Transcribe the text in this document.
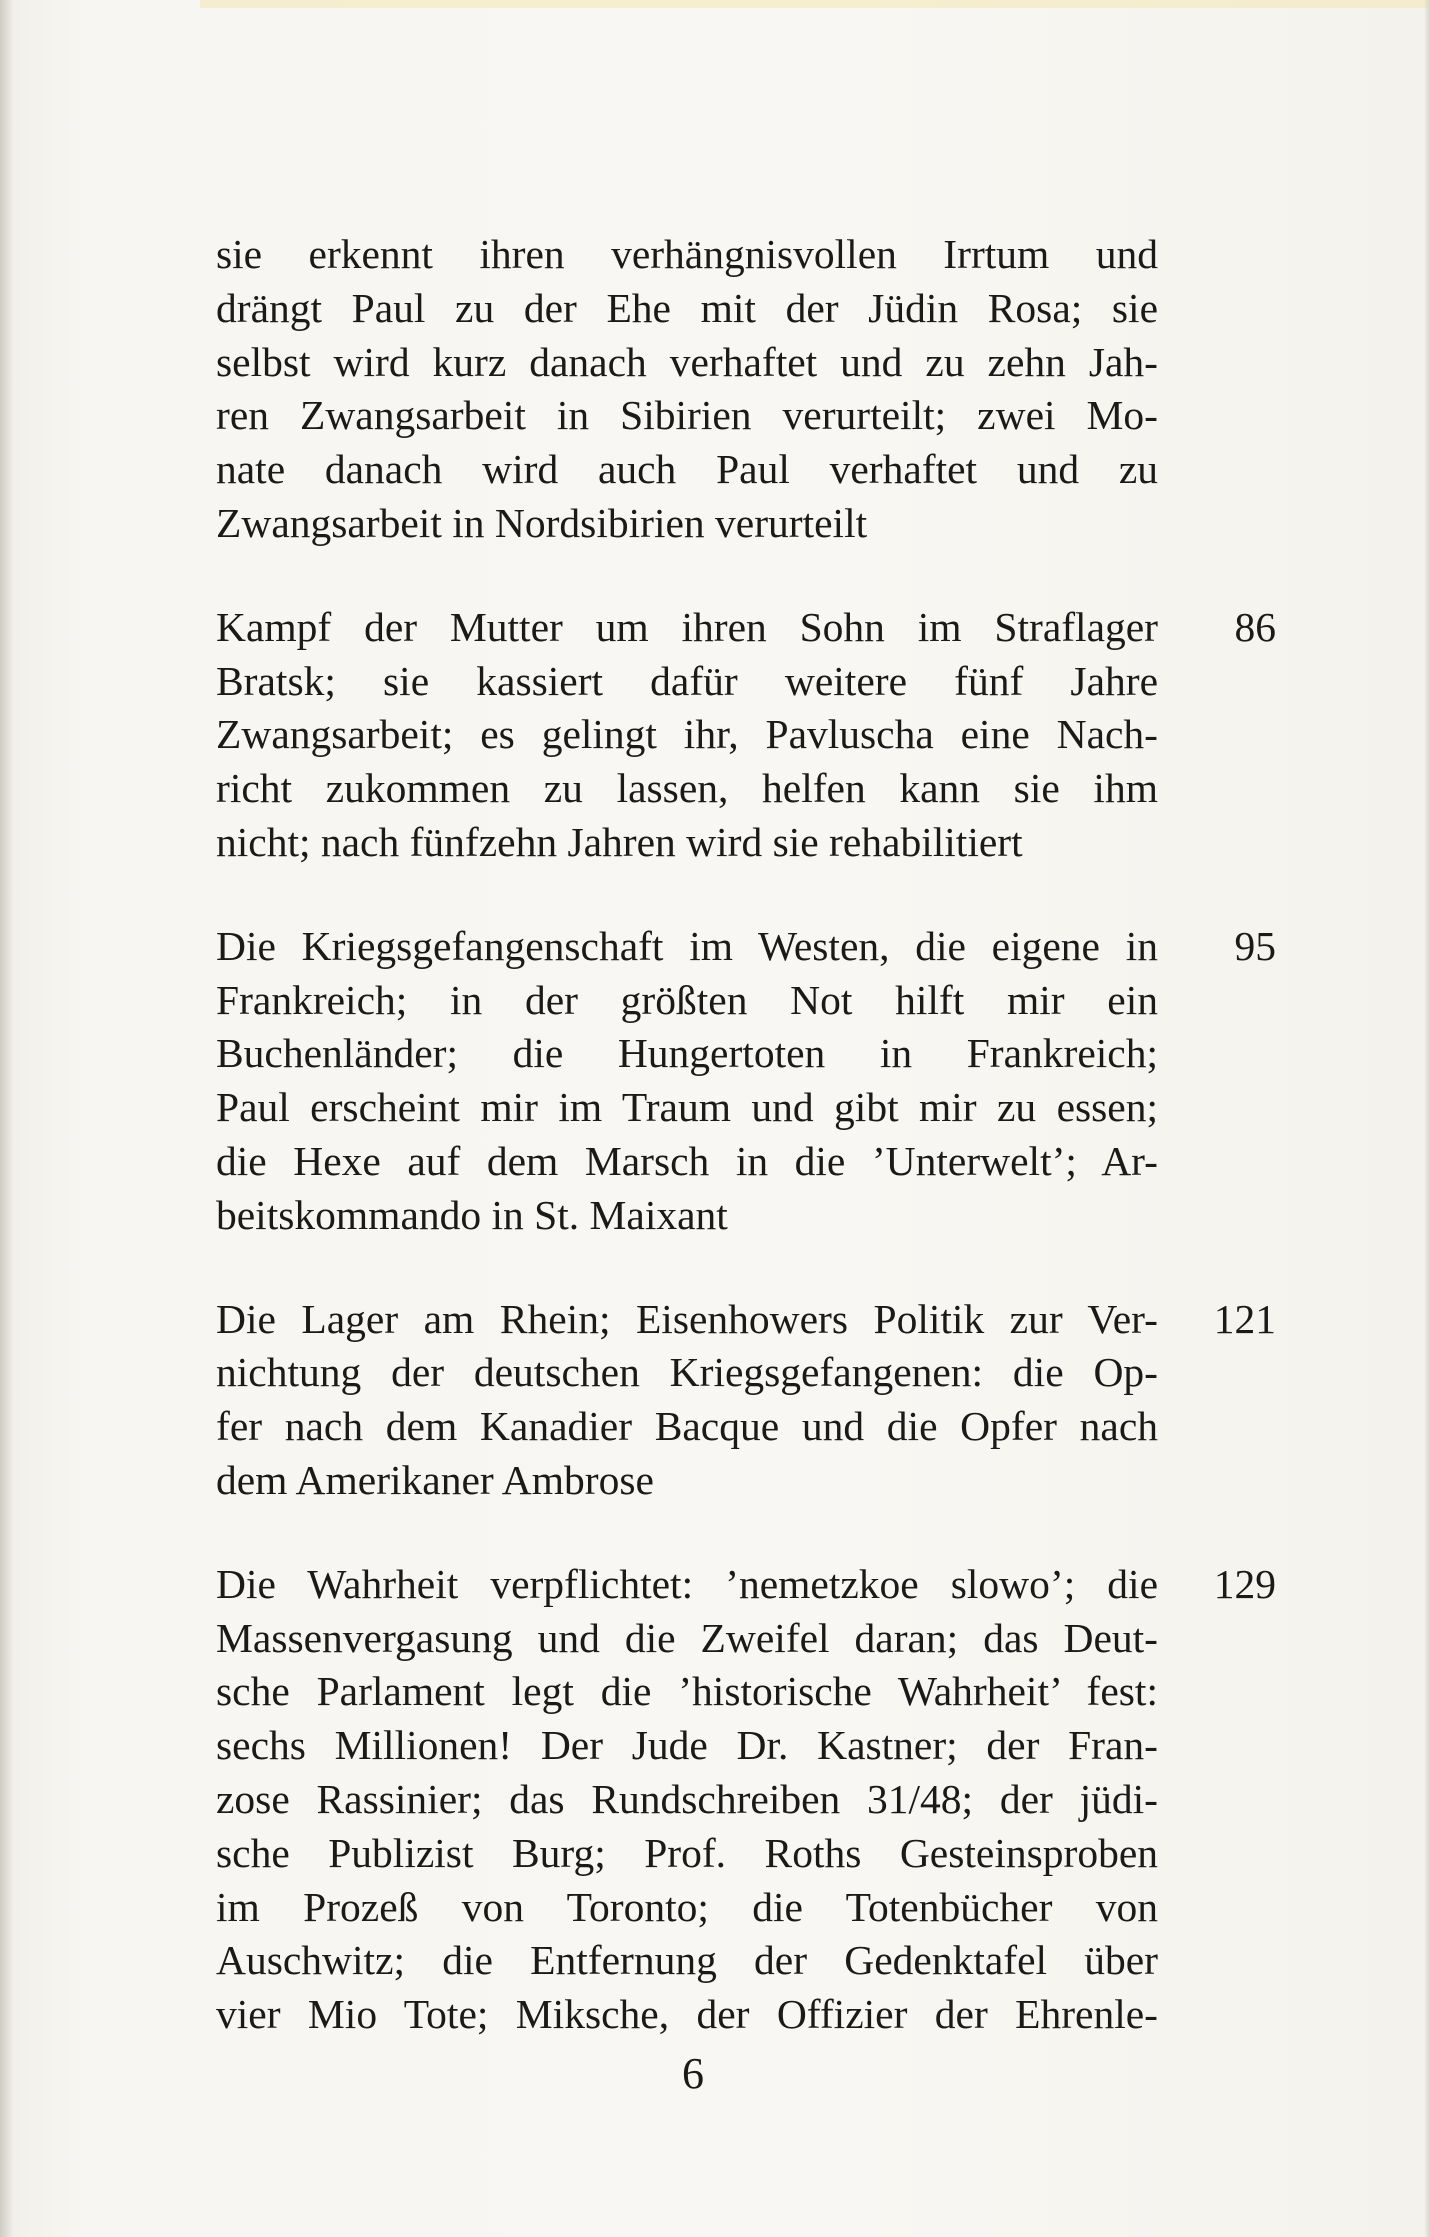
sie erkennt ihren verhängnisvollen Irrtum und
drängt Paul zu der Ehe mit der Jüdin Rosa; sie
selbst wird kurz danach verhaftet und zu zehn Jah-
ren Zwangsarbeit in Sibirien verurteilt; zwei Mo-
nate danach wird auch Paul verhaftet und zu
Zwangsarbeit in Nordsibirien verurteilt
Kampf der Mutter um ihren Sohn im Straflager
Bratsk; sie kassiert dafür weitere fünf Jahre
Zwangsarbeit; es gelingt ihr, Pavluscha eine Nach-
richt zukommen zu lassen, helfen kann sie ihm
nicht; nach fünfzehn Jahren wird sie rehabilitiert
86
Die Kriegsgefangenschaft im Westen, die eigene in
Frankreich; in der größten Not hilft mir ein
Buchenländer; die Hungertoten in Frankreich;
Paul erscheint mir im Traum und gibt mir zu essen;
die Hexe auf dem Marsch in die ’Unterwelt’; Ar-
beitskommando in St. Maixant
95
Die Lager am Rhein; Eisenhowers Politik zur Ver-
nichtung der deutschen Kriegsgefangenen: die Op-
fer nach dem Kanadier Bacque und die Opfer nach
dem Amerikaner Ambrose
121
Die Wahrheit verpflichtet: ’nemetzkoe slowo’; die
Massenvergasung und die Zweifel daran; das Deut-
sche Parlament legt die ’historische Wahrheit’ fest:
sechs Millionen! Der Jude Dr. Kastner; der Fran-
zose Rassinier; das Rundschreiben 31/48; der jüdi-
sche Publizist Burg; Prof. Roths Gesteinsproben
im Prozeß von Toronto; die Totenbücher von
Auschwitz; die Entfernung der Gedenktafel über
vier Mio Tote; Miksche, der Offizier der Ehrenle-
129
6
